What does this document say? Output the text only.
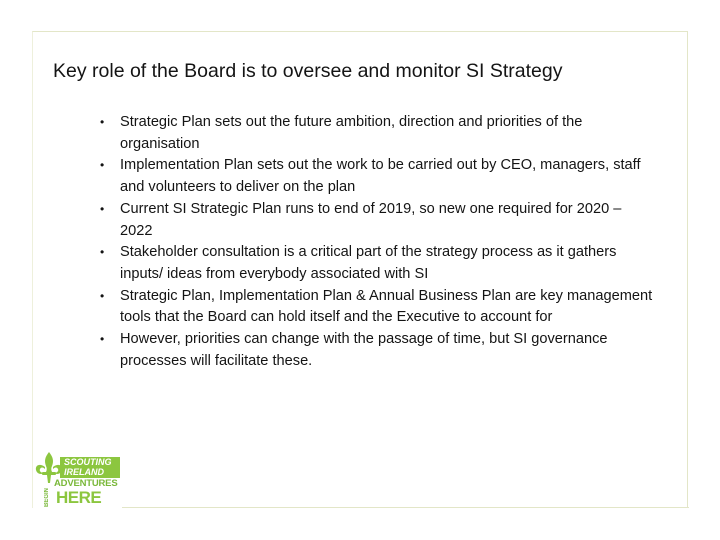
Key role of the Board is to oversee and monitor SI Strategy
• Strategic Plan sets out the future ambition, direction and priorities of the organisation
• Implementation Plan sets out the work to be carried out by CEO, managers, staff and volunteers to deliver on the plan
• Current SI Strategic Plan runs to end of 2019, so new one required for 2020 – 2022
• Stakeholder consultation is a critical part of the strategy process as it gathers inputs/ ideas from everybody associated with SI
• Strategic Plan, Implementation Plan & Annual Business Plan are key management tools that the Board can hold itself and the Executive to account for
• However, priorities can change with the passage of time, but SI governance processes will facilitate these.
SCOUTING
IRELAND
ADVENTURES
BEGIN HERE
